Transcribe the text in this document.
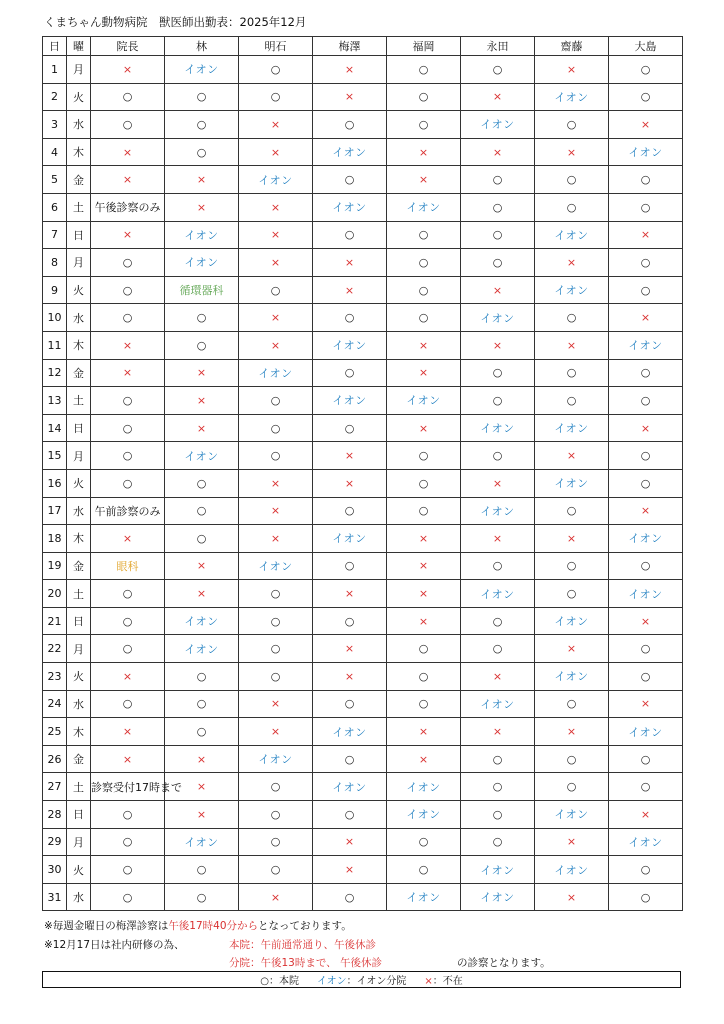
くまちゃん動物病院　獣医師出勤表：2025年12月
日	曜	院長	林	明石	梅澤	福岡	永田	齋藤	大島
1	月	×	イオン	○	×	○	○	×	○
2	火	○	○	○	×	○	×	イオン	○
3	水	○	○	×	○	○	イオン	○	×
4	木	×	○	×	イオン	×	×	×	イオン
5	金	×	×	イオン	○	×	○	○	○
6	土	午後診察のみ	×	×	イオン	イオン	○	○	○
7	日	×	イオン	×	○	○	○	イオン	×
8	月	○	イオン	×	×	○	○	×	○
9	火	○	循環器科	○	×	○	×	イオン	○
10	水	○	○	×	○	○	イオン	○	×
11	木	×	○	×	イオン	×	×	×	イオン
12	金	×	×	イオン	○	×	○	○	○
13	土	○	×	○	イオン	イオン	○	○	○
14	日	○	×	○	○	×	イオン	イオン	×
15	月	○	イオン	○	×	○	○	×	○
16	火	○	○	×	×	○	×	イオン	○
17	水	午前診察のみ	○	×	○	○	イオン	○	×
18	木	×	○	×	イオン	×	×	×	イオン
19	金	眼科	×	イオン	○	×	○	○	○
20	土	○	×	○	×	×	イオン	○	イオン
21	日	○	イオン	○	○	×	○	イオン	×
22	月	○	イオン	○	×	○	○	×	○
23	火	×	○	○	×	○	×	イオン	○
24	水	○	○	×	○	○	イオン	○	×
25	木	×	○	×	イオン	×	×	×	イオン
26	金	×	×	イオン	○	×	○	○	○
27	土	診察受付17時まで	×	○	イオン	イオン	○	○	○
28	日	○	×	○	○	イオン	○	イオン	×
29	月	○	イオン	○	×	○	○	×	イオン
30	火	○	○	○	×	○	イオン	イオン	○
31	水	○	○	×	○	イオン	イオン	×	○
※毎週金曜日の梅澤診察は午後17時40分からとなっております。
※12月17日は社内研修の為、	本院：午前通常通り、午後休診
分院：午後13時まで、 午後休診	の診察となります。
○：本院 イオン：イオン分院 ×：不在
